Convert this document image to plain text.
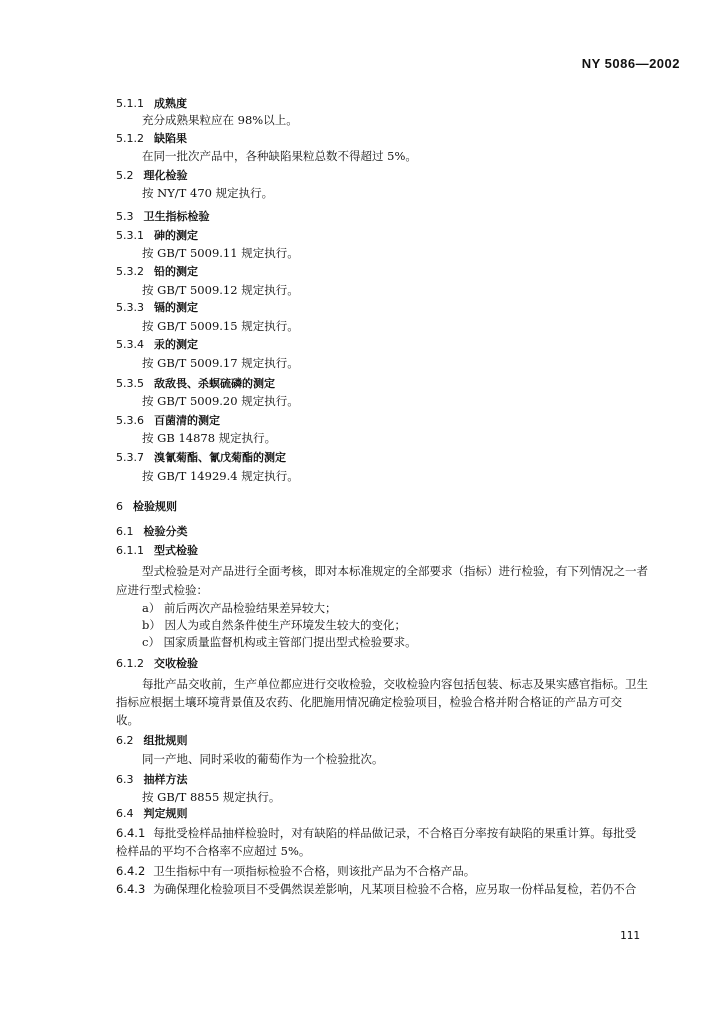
NY 5086—2002
5.1.1 成熟度
充分成熟果粒应在 98%以上。
5.1.2 缺陷果
在同一批次产品中，各种缺陷果粒总数不得超过 5%。
5.2 理化检验
按 NY/T 470 规定执行。
5.3 卫生指标检验
5.3.1 砷的测定
按 GB/T 5009.11 规定执行。
5.3.2 铅的测定
按 GB/T 5009.12 规定执行。
5.3.3 镉的测定
按 GB/T 5009.15 规定执行。
5.3.4 汞的测定
按 GB/T 5009.17 规定执行。
5.3.5 敌敌畏、杀螟硫磷的测定
按 GB/T 5009.20 规定执行。
5.3.6 百菌清的测定
按 GB 14878 规定执行。
5.3.7 溴氰菊酯、氰戊菊酯的测定
按 GB/T 14929.4 规定执行。
6 检验规则
6.1 检验分类
6.1.1 型式检验
型式检验是对产品进行全面考核，即对本标准规定的全部要求（指标）进行检验，有下列情况之一者
应进行型式检验：
a） 前后两次产品检验结果差异较大；
b） 因人为或自然条件使生产环境发生较大的变化；
c） 国家质量监督机构或主管部门提出型式检验要求。
6.1.2 交收检验
每批产品交收前，生产单位都应进行交收检验，交收检验内容包括包装、标志及果实感官指标。卫生
指标应根据土壤环境背景值及农药、化肥施用情况确定检验项目，检验合格并附合格证的产品方可交
收。
6.2 组批规则
同一产地、同时采收的葡萄作为一个检验批次。
6.3 抽样方法
按 GB/T 8855 规定执行。
6.4 判定规则
6.4.1 每批受检样品抽样检验时，对有缺陷的样品做记录，不合格百分率按有缺陷的果重计算。每批受
检样品的平均不合格率不应超过 5%。
6.4.2 卫生指标中有一项指标检验不合格，则该批产品为不合格产品。
6.4.3 为确保理化检验项目不受偶然误差影响，凡某项目检验不合格，应另取一份样品复检，若仍不合
111
